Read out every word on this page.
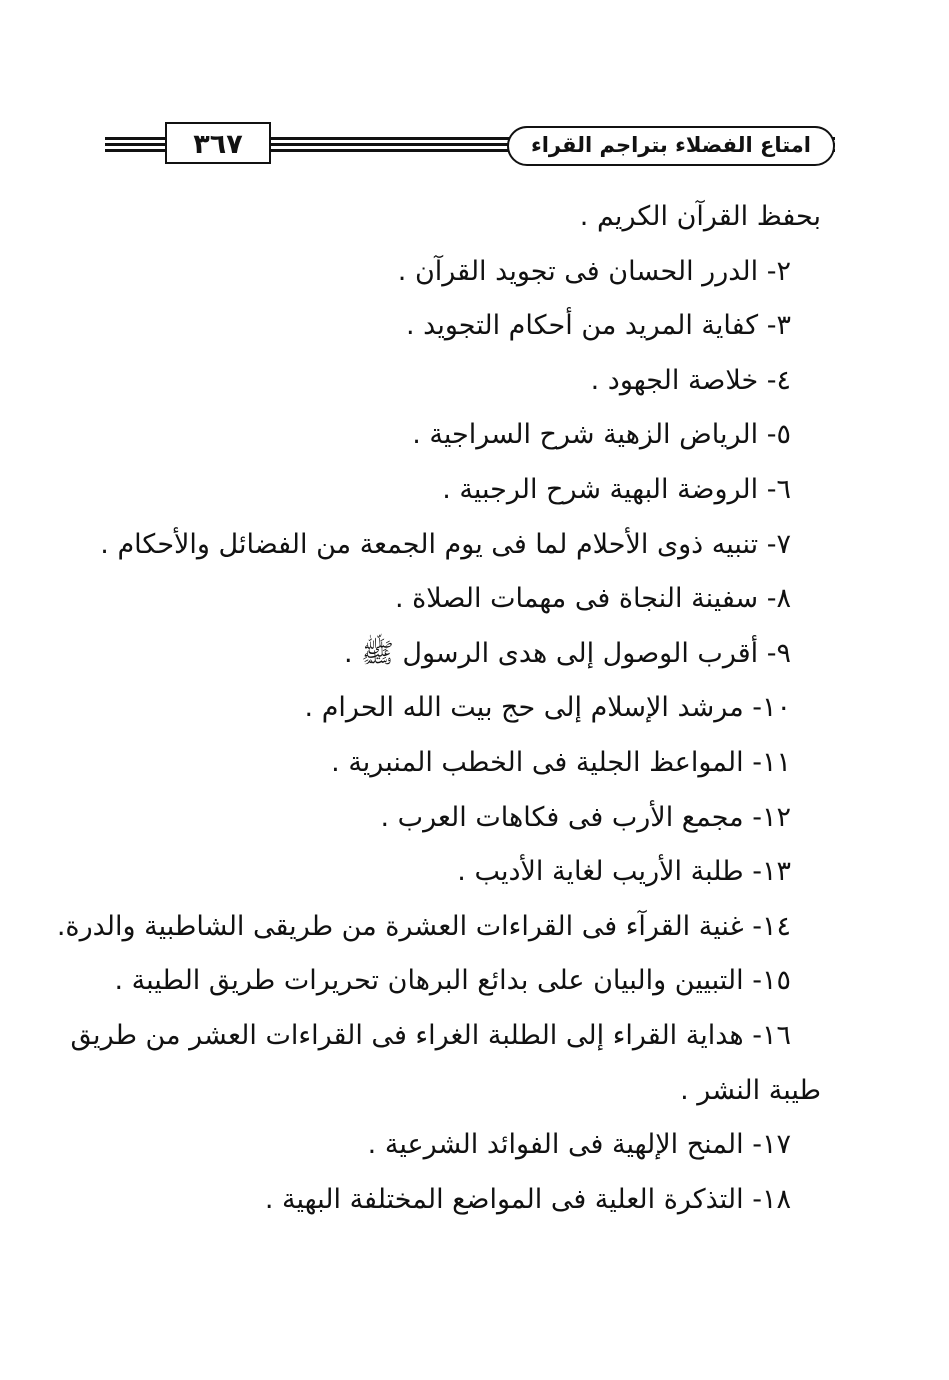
امتاع الفضلاء بتراجم القراء
٣٦٧
بحفظ القرآن الكريم .
٢- الدرر الحسان فى تجويد القرآن .
٣- كفاية المريد من أحكام التجويد .
٤- خلاصة الجهود .
٥- الرياض الزهية شرح السراجية .
٦- الروضة البهية شرح الرجبية .
٧- تنبيه ذوى الأحلام لما فى يوم الجمعة من الفضائل والأحكام .
٨- سفينة النجاة فى مهمات الصلاة .
٩- أقرب الوصول إلى هدى الرسول ﷺ .
١٠- مرشد الإسلام إلى حج بيت الله الحرام .
١١- المواعظ الجلية فى الخطب المنبرية .
١٢- مجمع الأرب فى فكاهات العرب .
١٣- طلبة الأريب لغاية الأديب .
١٤- غنية القرآء فى القراءات العشرة من طريقى الشاطبية والدرة.
١٥- التبيين والبيان على بدائع البرهان تحريرات طريق الطيبة .
١٦- هداية القراء إلى الطلبة الغراء فى القراءات العشر من طريق
طيبة النشر .
١٧- المنح الإلهية فى الفوائد الشرعية .
١٨- التذكرة العلية فى المواضع المختلفة البهية .
